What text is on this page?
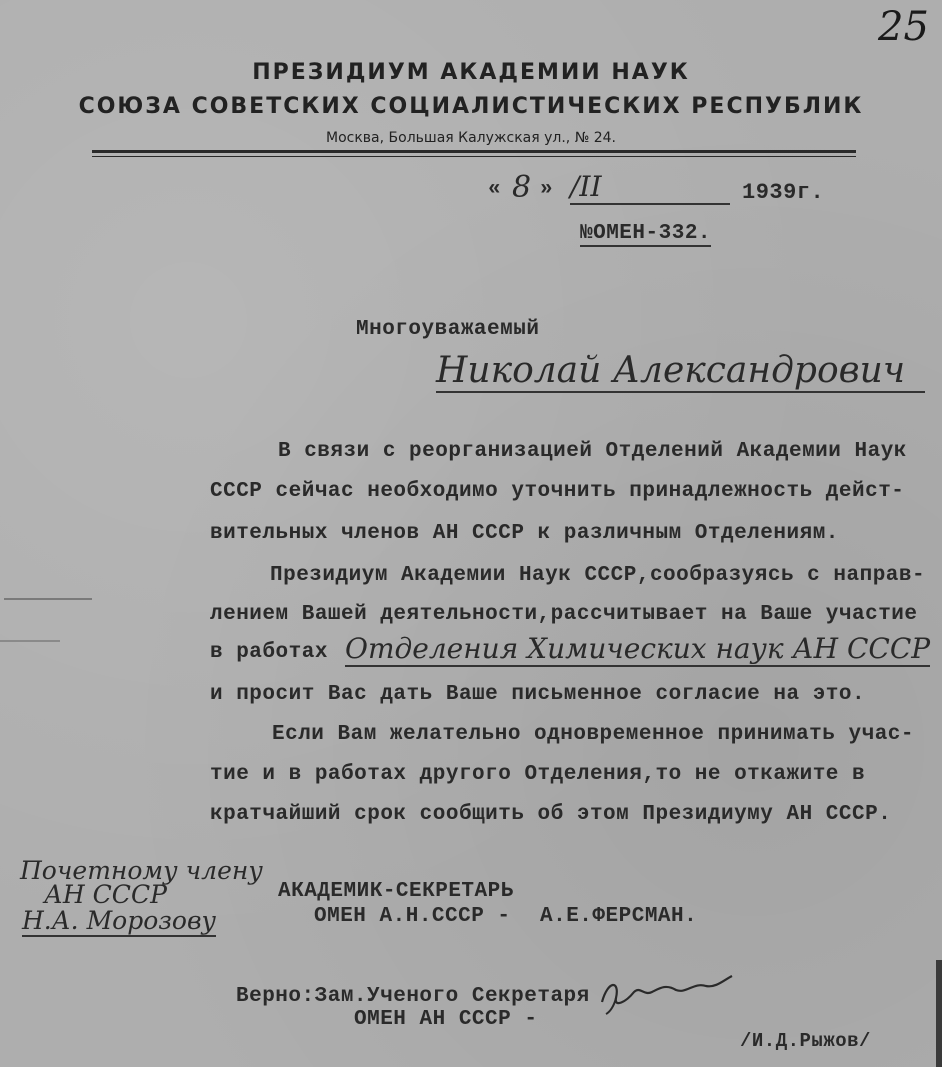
25
ПРЕЗИДИУМ АКАДЕМИИ НАУК
СОЮЗА СОВЕТСКИХ СОЦИАЛИСТИЧЕСКИХ РЕСПУБЛИК
Москва, Большая Калужская ул., № 24.
« 8 » /II	1939г.
№ОМЕН-332.
Многоуважаемый
Николай Александрович
В связи с реорганизацией Отделений Академии Наук
СССР сейчас необходимо уточнить принадлежность дейст-
вительных членов АН СССР к различным Отделениям.
Президиум Академии Наук СССР,сообразуясь с направ-
лением Вашей деятельности,рассчитывает на Ваше участие
в работах Отделения Химических наук АН СССР
и просит Вас дать Ваше письменное согласие на это.
Если Вам желательно одновременное принимать учас-
тие и в работах другого Отделения,то не откажите в
кратчайший срок сообщить об этом Президиуму АН СССР.
Почетному члену
АН СССР
Н.А. Морозову
АКАДЕМИК-СЕКРЕТАРЬ
ОМЕН А.Н.СССР - А.Е.ФЕРСМАН.
Верно:Зам.Ученого Секретаря
ОМЕН АН СССР -
/И.Д.Рыжов/
